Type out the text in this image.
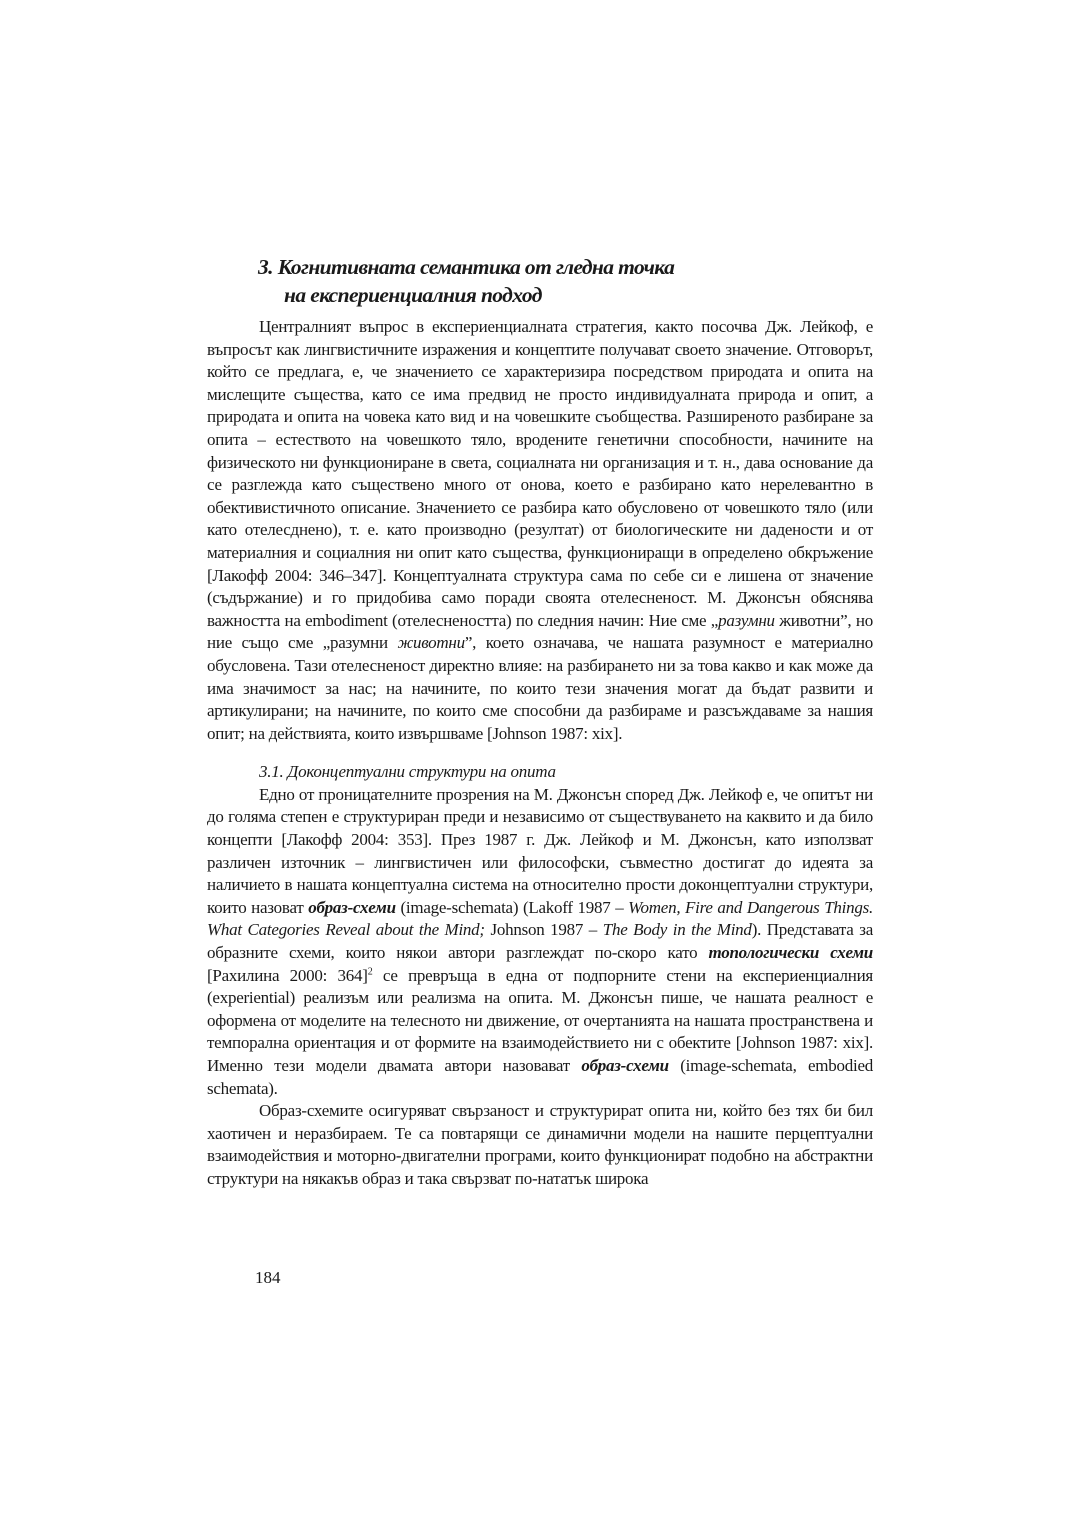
3. Когнитивната семантика от гледна точка
на експериенциалния подход

Централният въпрос в експериенциалната стратегия, както посочва Дж. Лейкоф, е въпросът как лингвистичните изражения и концептите получават своето значение. Отговорът, който се предлага, е, че значението се характеризира посредством природата и опита на мислещите същества, като се има предвид не просто индивидуалната природа и опит, а природата и опита на човека като вид и на човешките съобщества. Разширеното разбиране за опита – естеството на човешкото тяло, вродените генетични способности, начините на физическото ни функциониране в света, социалната ни организация и т. н., дава основание да се разглежда като съществено много от онова, което е разбирано като нерелевантно в обективистичното описание. Значението се разбира като обусловено от човешкото тяло (или като отелесднено), т. е. като производно (резултат) от биологическите ни дадености и от материалния и социалния ни опит като същества, функциониращи в определено обкръжение [Лакофф 2004: 346–347]. Концептуалната структура сама по себе си е лишена от значение (съдържание) и го придобива само поради своята отелесненост. М. Джонсън обяснява важността на embodiment (отелеснеността) по следния начин: Ние сме „разумни животни”, но ние също сме „разумни животни”, което означава, че нашата разумност е материално обусловена. Тази отелесненост директно влияе: на разбирането ни за това какво и как може да има значимост за нас; на начините, по които тези значения могат да бъдат развити и артикулирани; на начините, по които сме способни да разбираме и разсъждаваме за нашия опит; на действията, които извършваме [Johnson 1987: xix].

3.1. Доконцептуални структури на опита

Едно от проницателните прозрения на М. Джонсън според Дж. Лейкоф е, че опитът ни до голяма степен е структуриран преди и независимо от съществуването на каквито и да било концепти [Лакофф 2004: 353]. През 1987 г. Дж. Лейкоф и М. Джонсън, като използват различен източник – лингвистичен или философски, съвместно достигат до идеята за наличието в нашата концептуална система на относително прости доконцептуални структури, които назоват образ-схеми (image-schemata) (Lakoff 1987 – Women, Fire and Dangerous Things. What Categories Reveal about the Mind; Johnson 1987 – The Body in the Mind). Представата за образните схеми, които някои автори разглеждат по-скоро като топологически схеми [Рахилина 2000: 364]$^2$ се превръща в една от подпорните стени на експериенциалния (experiential) реализъм или реализма на опита. М. Джонсън пише, че нашата реалност е оформена от моделите на телесното ни движение, от очертанията на нашата пространствена и темпорална ориентация и от формите на взаимодействието ни с обектите [Johnson 1987: xix]. Именно тези модели двамата автори назовават образ-схеми (image-schemata, embodied schemata).

Образ-схемите осигуряват свързаност и структурират опита ни, който без тях би бил хаотичен и неразбираем. Те са повтарящи се динамични модели на нашите перцептуални взаимодействия и моторно-двигателни програми, които функционират подобно на абстрактни структури на някакъв образ и така свързват по-нататък широка

184
